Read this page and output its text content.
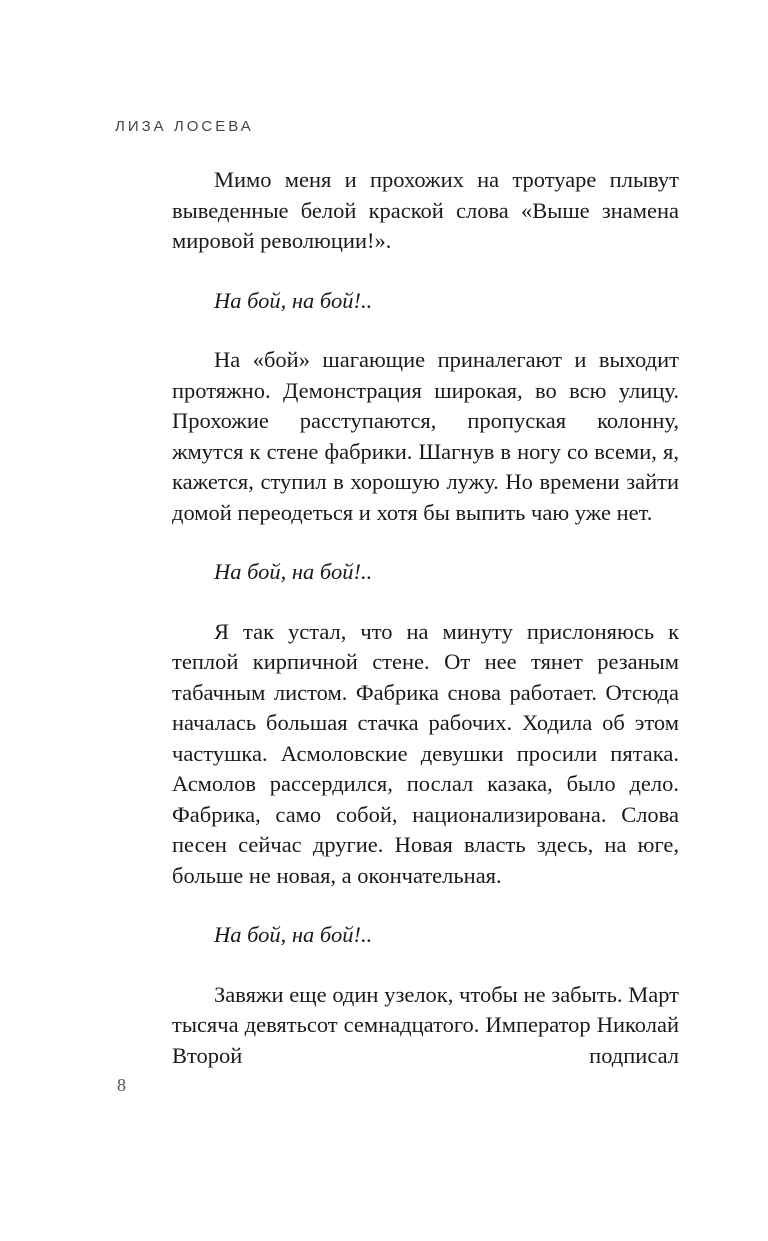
ЛИЗА ЛОСЕВА

Мимо меня и прохожих на тротуаре плывут выведенные белой краской слова «Выше знамена мировой революции!».

На бой, на бой!..

На «бой» шагающие приналегают и выходит протяжно. Демонстрация широкая, во всю улицу. Прохожие расступаются, пропуская колонну, жмутся к стене фабрики. Шагнув в ногу со всеми, я, кажется, ступил в хорошую лужу. Но времени зайти домой переодеться и хотя бы выпить чаю уже нет.

На бой, на бой!..

Я так устал, что на минуту прислоняюсь к теплой кирпичной стене. От нее тянет резаным табачным листом. Фабрика снова работает. Отсюда началась большая стачка рабочих. Ходила об этом частушка. Асмоловские девушки просили пятака. Асмолов рассердился, послал казака, было дело. Фабрика, само собой, национализирована. Слова песен сейчас другие. Новая власть здесь, на юге, больше не новая, а окончательная.

На бой, на бой!..

Завяжи еще один узелок, чтобы не забыть. Март тысяча девятьсот семнадцатого. Император Николай Второй подписал

8
